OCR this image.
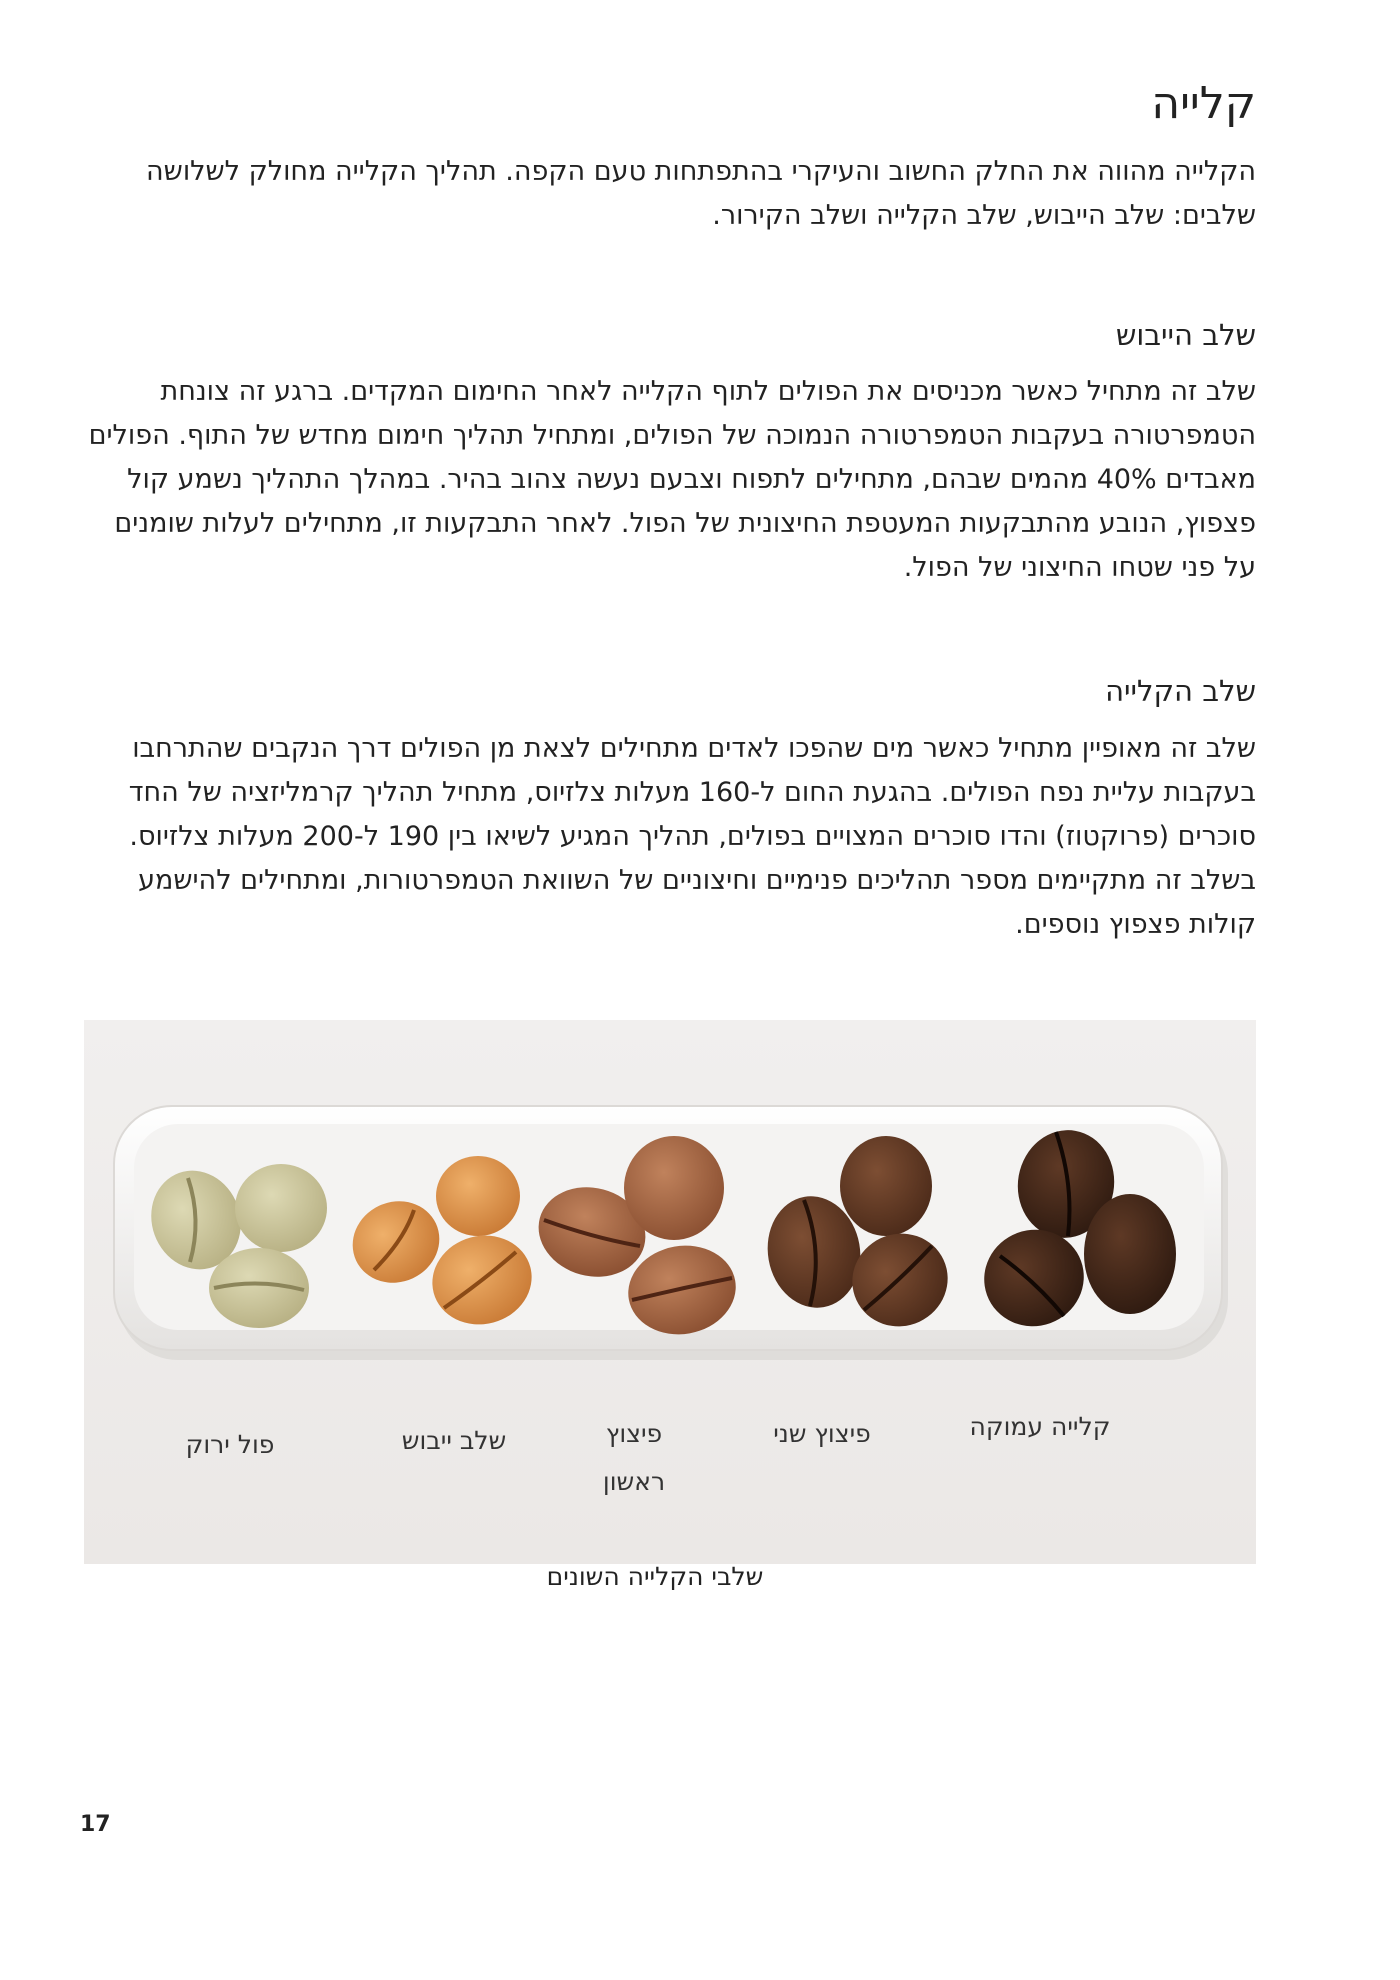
קלייה

הקלייה מהווה את החלק החשוב והעיקרי בהתפתחות טעם הקפה. תהליך הקלייה מחולק לשלושה שלבים: שלב הייבוש, שלב הקלייה ושלב הקירור.

שלב הייבוש

שלב זה מתחיל כאשר מכניסים את הפולים לתוף הקלייה לאחר החימום המקדים. ברגע זה צונחת הטמפרטורה בעקבות הטמפרטורה הנמוכה של הפולים, ומתחיל תהליך חימום מחדש של התוף. הפולים מאבדים 40% מהמים שבהם, מתחילים לתפוח וצבעם נעשה צהוב בהיר. במהלך התהליך נשמע קול פצפוץ, הנובע מהתבקעות המעטפת החיצונית של הפול. לאחר התבקעות זו, מתחילים לעלות שומנים על פני שטחו החיצוני של הפול.

שלב הקלייה

שלב זה מאופיין מתחיל כאשר מים שהפכו לאדים מתחילים לצאת מן הפולים דרך הנקבים שהתרחבו בעקבות עליית נפח הפולים. בהגעת החום ל-160 מעלות צלזיוס, מתחיל תהליך קרמליזציה של החד סוכרים (פרוקטוז) והדו סוכרים המצויים בפולים, תהליך המגיע לשיאו בין 190 ל-200 מעלות צלזיוס. בשלב זה מתקיימים מספר תהליכים פנימיים וחיצוניים של השוואת הטמפרטורות, ומתחילים להישמע קולות פצפוץ נוספים.

קלייה עמוקה
פיצוץ שני
פיצוץ ראשון
שלב ייבוש
פול ירוק
שלבי הקלייה השונים
17
